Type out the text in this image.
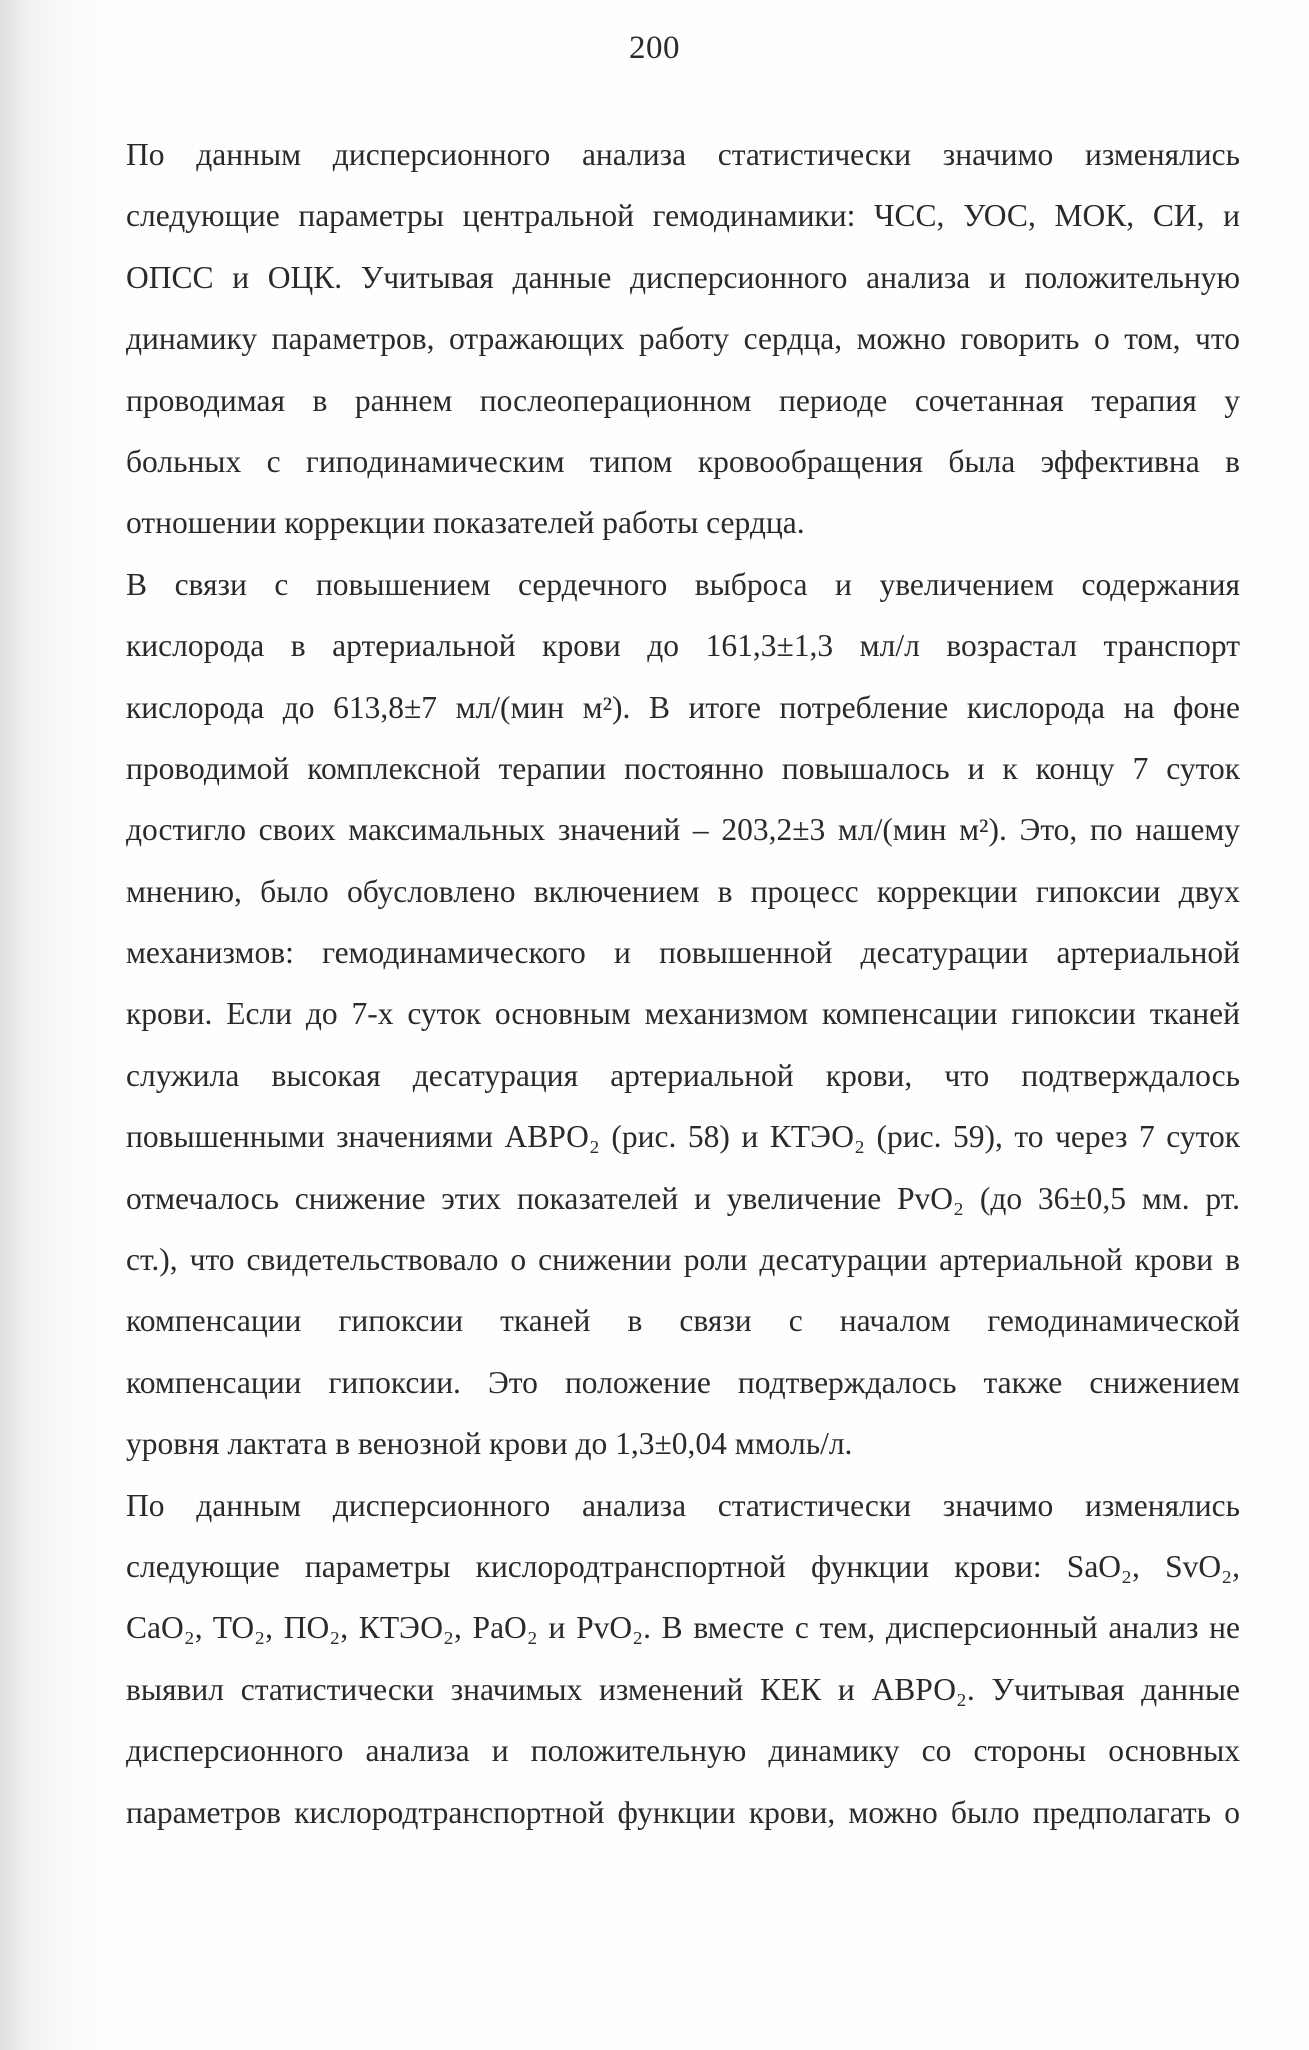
200
По данным дисперсионного анализа статистически значимо изменялись
следующие параметры центральной гемодинамики: ЧСС, УОС, МОК, СИ, и
ОПСС и ОЦК. Учитывая данные дисперсионного анализа и положительную
динамику параметров, отражающих работу сердца, можно говорить о том, что
проводимая в раннем послеоперационном периоде сочетанная терапия у
больных с гиподинамическим типом кровообращения была эффективна в
отношении коррекции показателей работы сердца.
В связи с повышением сердечного выброса и увеличением содержания
кислорода в артериальной крови до 161,3±1,3 мл/л возрастал транспорт
кислорода до 613,8±7 мл/(мин м²). В итоге потребление кислорода на фоне
проводимой комплексной терапии постоянно повышалось и к концу 7 суток
достигло своих максимальных значений – 203,2±3 мл/(мин м²). Это, по нашему
мнению, было обусловлено включением в процесс коррекции гипоксии двух
механизмов: гемодинамического и повышенной десатурации артериальной
крови. Если до 7-х суток основным механизмом компенсации гипоксии тканей
служила высокая десатурация артериальной крови, что подтверждалось
повышенными значениями АВРО₂ (рис. 58) и КТЭО₂ (рис. 59), то через 7 суток
отмечалось снижение этих показателей и увеличение PvO₂ (до 36±0,5 мм. рт.
ст.), что свидетельствовало о снижении роли десатурации артериальной крови в
компенсации гипоксии тканей в связи с началом гемодинамической
компенсации гипоксии. Это положение подтверждалось также снижением
уровня лактата в венозной крови до 1,3±0,04 ммоль/л.
По данным дисперсионного анализа статистически значимо изменялись
следующие параметры кислородтранспортной функции крови: SaO₂, SvO₂,
CaO₂, TO₂, ПО₂, КТЭО₂, PaO₂ и PvO₂. В вместе с тем, дисперсионный анализ не
выявил статистически значимых изменений КЕК и АВРО₂. Учитывая данные
дисперсионного анализа и положительную динамику со стороны основных
параметров кислородтранспортной функции крови, можно было предполагать о
